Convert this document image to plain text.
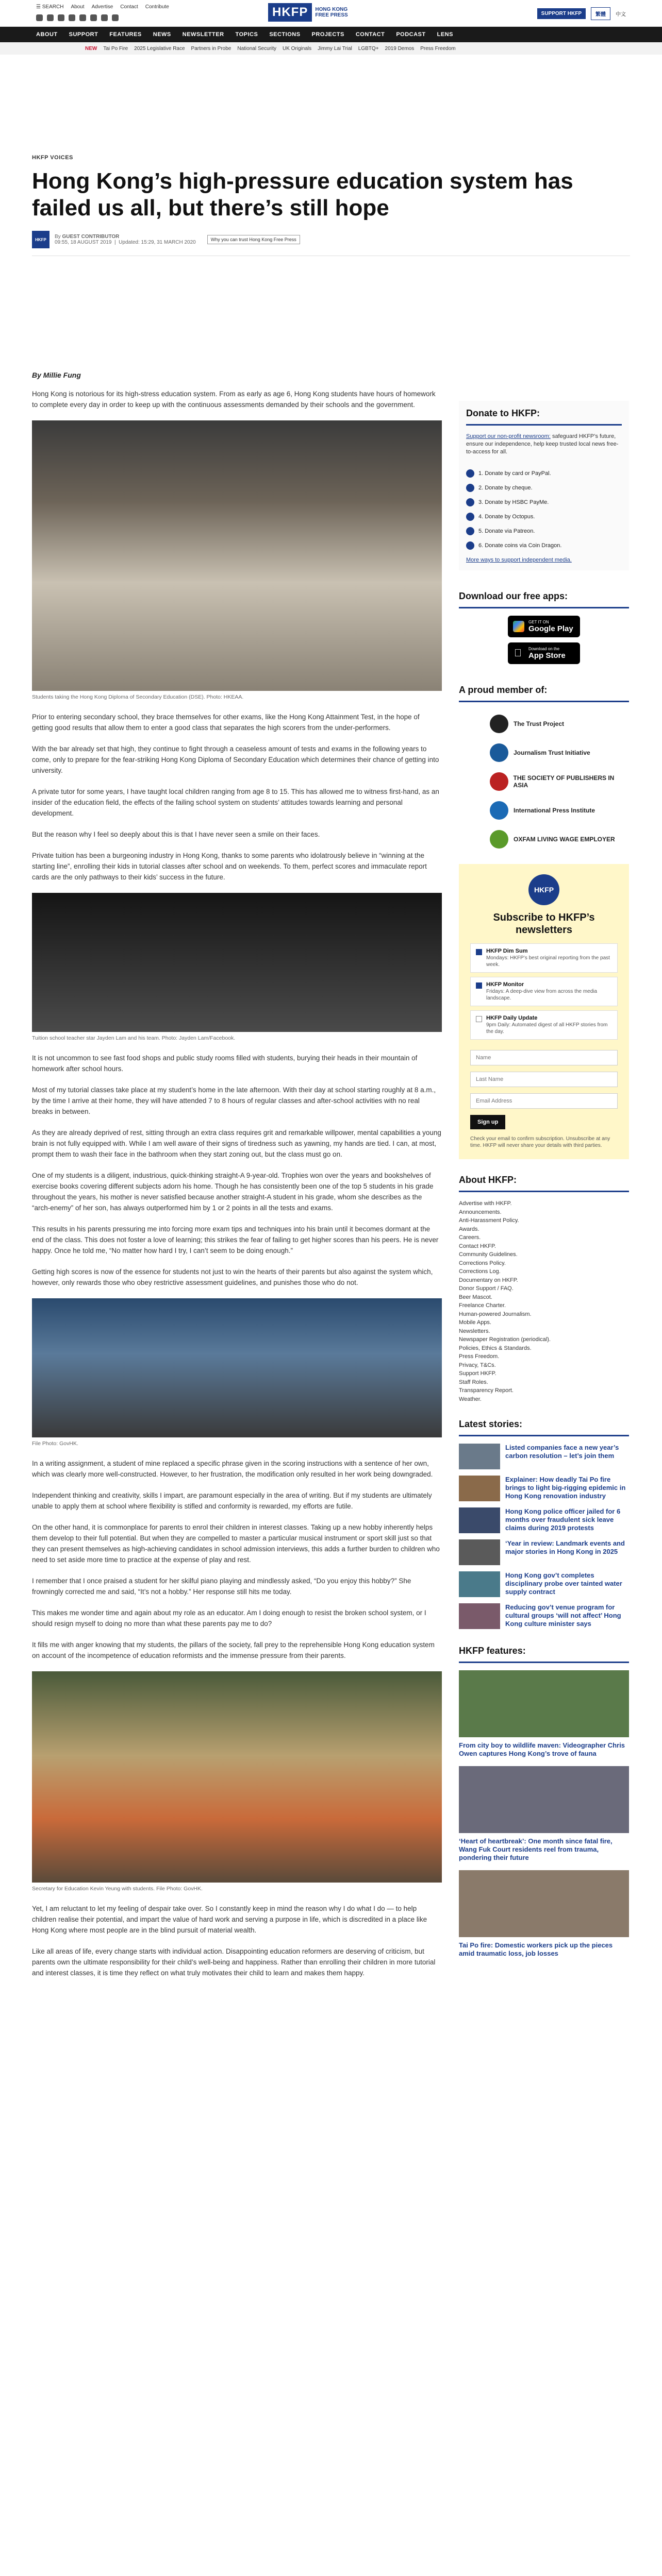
☰ SEARCH About Advertise Contact Contribute	HKFP	HONG KONG
FREE PRESS	SUPPORT HKFP	繁體	中文
ABOUT SUPPORT FEATURES NEWS NEWSLETTER TOPICS SECTIONS PROJECTS CONTACT PODCAST LENS
NEW Tai Po Fire 2025 Legislative Race Partners in Probe National Security UK Originals Jimmy Lai Trial LGBTQ+ 2019 Demos Press Freedom
HKFP VOICES
Hong Kong’s high-pressure education system has failed us all, but there’s still hope
HKFP	By GUEST CONTRIBUTOR
09:55, 18 AUGUST 2019  |  Updated: 15:29, 31 MARCH 2020	Why you can trust Hong Kong Free Press
By Millie Fung

Hong Kong is notorious for its high-stress education system. From as early as age 6, Hong Kong students have hours of homework to complete every day in order to keep up with the continuous assessments demanded by their schools and the government.

Students taking the Hong Kong Diploma of Secondary Education (DSE). Photo: HKEAA.

Prior to entering secondary school, they brace themselves for other exams, like the Hong Kong Attainment Test, in the hope of getting good results that allow them to enter a good class that separates the high scorers from the under-performers.

With the bar already set that high, they continue to fight through a ceaseless amount of tests and exams in the following years to come, only to prepare for the fear-striking Hong Kong Diploma of Secondary Education which determines their chance of getting into university.

A private tutor for some years, I have taught local children ranging from age 8 to 15. This has allowed me to witness first-hand, as an insider of the education field, the effects of the failing school system on students’ attitudes towards learning and personal development.

But the reason why I feel so deeply about this is that I have never seen a smile on their faces.

Private tuition has been a burgeoning industry in Hong Kong, thanks to some parents who idolatrously believe in “winning at the starting line”, enrolling their kids in tutorial classes after school and on weekends. To them, perfect scores and immaculate report cards are the only pathways to their kids’ success in the future.

Tuition school teacher star Jayden Lam and his team. Photo: Jayden Lam/Facebook.

It is not uncommon to see fast food shops and public study rooms filled with students, burying their heads in their mountain of homework after school hours.

Most of my tutorial classes take place at my student’s home in the late afternoon. With their day at school starting roughly at 8 a.m., by the time I arrive at their home, they will have attended 7 to 8 hours of regular classes and after-school activities with no real breaks in between.

As they are already deprived of rest, sitting through an extra class requires grit and remarkable willpower, mental capabilities a young brain is not fully equipped with. While I am well aware of their signs of tiredness such as yawning, my hands are tied. I can, at most, prompt them to wash their face in the bathroom when they start zoning out, but the class must go on.

One of my students is a diligent, industrious, quick-thinking straight-A 9-year-old. Trophies won over the years and bookshelves of exercise books covering different subjects adorn his home. Though he has consistently been one of the top 5 students in his grade throughout the years, his mother is never satisfied because another straight-A student in his grade, whom she describes as the “arch-enemy” of her son, has always outperformed him by 1 or 2 points in all the tests and exams.

This results in his parents pressuring me into forcing more exam tips and techniques into his brain until it becomes dormant at the end of the class. This does not foster a love of learning; this strikes the fear of failing to get higher scores than his peers. He is never happy. Once he told me, “No matter how hard I try, I can’t seem to be doing enough.”

Getting high scores is now of the essence for students not just to win the hearts of their parents but also against the system which, however, only rewards those who obey restrictive assessment guidelines, and punishes those who do not.

File Photo: GovHK.

In a writing assignment, a student of mine replaced a specific phrase given in the scoring instructions with a sentence of her own, which was clearly more well-constructed. However, to her frustration, the modification only resulted in her work being downgraded.

Independent thinking and creativity, skills I impart, are paramount especially in the area of writing. But if my students are ultimately unable to apply them at school where flexibility is stifled and conformity is rewarded, my efforts are futile.

On the other hand, it is commonplace for parents to enrol their children in interest classes. Taking up a new hobby inherently helps them develop to their full potential. But when they are compelled to master a particular musical instrument or sport skill just so that they can present themselves as high-achieving candidates in school admission interviews, this adds a further burden to children who need to set aside more time to practice at the expense of play and rest.

I remember that I once praised a student for her skilful piano playing and mindlessly asked, “Do you enjoy this hobby?” She frowningly corrected me and said, “It’s not a hobby.” Her response still hits me today.

This makes me wonder time and again about my role as an educator. Am I doing enough to resist the broken school system, or I should resign myself to doing no more than what these parents pay me to do?

It fills me with anger knowing that my students, the pillars of the society, fall prey to the reprehensible Hong Kong education system on account of the incompetence of education reformists and the immense pressure from their parents.

Secretary for Education Kevin Yeung with students. File Photo: GovHK.

Yet, I am reluctant to let my feeling of despair take over. So I constantly keep in mind the reason why I do what I do — to help children realise their potential, and impart the value of hard work and serving a purpose in life, which is discredited in a place like Hong Kong where most people are in the blind pursuit of material wealth.

Like all areas of life, every change starts with individual action. Disappointing education reformers are deserving of criticism, but parents own the ultimate responsibility for their child’s well-being and happiness. Rather than enrolling their children in more tutorial and interest classes, it is time they reflect on what truly motivates their child to learn and makes them happy.

Donate to HKFP:
Support our non-profit newsroom: safeguard HKFP’s future, ensure our independence, help keep trusted local news free-to-access for all.
1. Donate by card or PayPal.
2. Donate by cheque.
3. Donate by HSBC PayMe.
4. Donate by Octopus.
5. Donate via Patreon.
6. Donate coins via Coin Dragon.
More ways to support independent media.
Download our free apps:
GET IT ON
Google Play
Download on the
App Store
A proud member of:
The Trust Project
Journalism Trust Initiative
THE SOCIETY OF PUBLISHERS IN ASIA
International Press Institute
OXFAM LIVING WAGE EMPLOYER
HKFP
Subscribe to HKFP’s newsletters
HKFP Dim Sum
Mondays: HKFP’s best original reporting from the past week.
HKFP Monitor
Fridays: A deep-dive view from across the media landscape.
HKFP Daily Update
9pm Daily: Automated digest of all HKFP stories from the day.
Name Last Name Email Address Sign up
Check your email to confirm subscription. Unsubscribe at any time. HKFP will never share your details with third parties.
About HKFP:
Advertise with HKFP.
Announcements.
Anti-Harassment Policy.
Awards.
Careers.
Contact HKFP.
Community Guidelines.
Corrections Policy.
Corrections Log.
Documentary on HKFP.
Donor Support / FAQ.
Beer Mascot.
Freelance Charter.
Human-powered Journalism.
Mobile Apps.
Newsletters.
Newspaper Registration (periodical).
Policies, Ethics & Standards.
Press Freedom.
Privacy, T&Cs.
Support HKFP.
Staff Roles.
Transparency Report.
Weather.
Latest stories:
Listed companies face a new year’s carbon resolution – let’s join them
Explainer: How deadly Tai Po fire brings to light big-rigging epidemic in Hong Kong renovation industry
Hong Kong police officer jailed for 6 months over fraudulent sick leave claims during 2019 protests
‘Year in review: Landmark events and major stories in Hong Kong in 2025
Hong Kong gov’t completes disciplinary probe over tainted water supply contract
Reducing gov’t venue program for cultural groups ‘will not affect’ Hong Kong culture minister says
HKFP features:
From city boy to wildlife maven: Videographer Chris Owen captures Hong Kong’s trove of fauna
‘Heart of heartbreak’: One month since fatal fire, Wang Fuk Court residents reel from trauma, pondering their future
Tai Po fire: Domestic workers pick up the pieces amid traumatic loss, job losses
